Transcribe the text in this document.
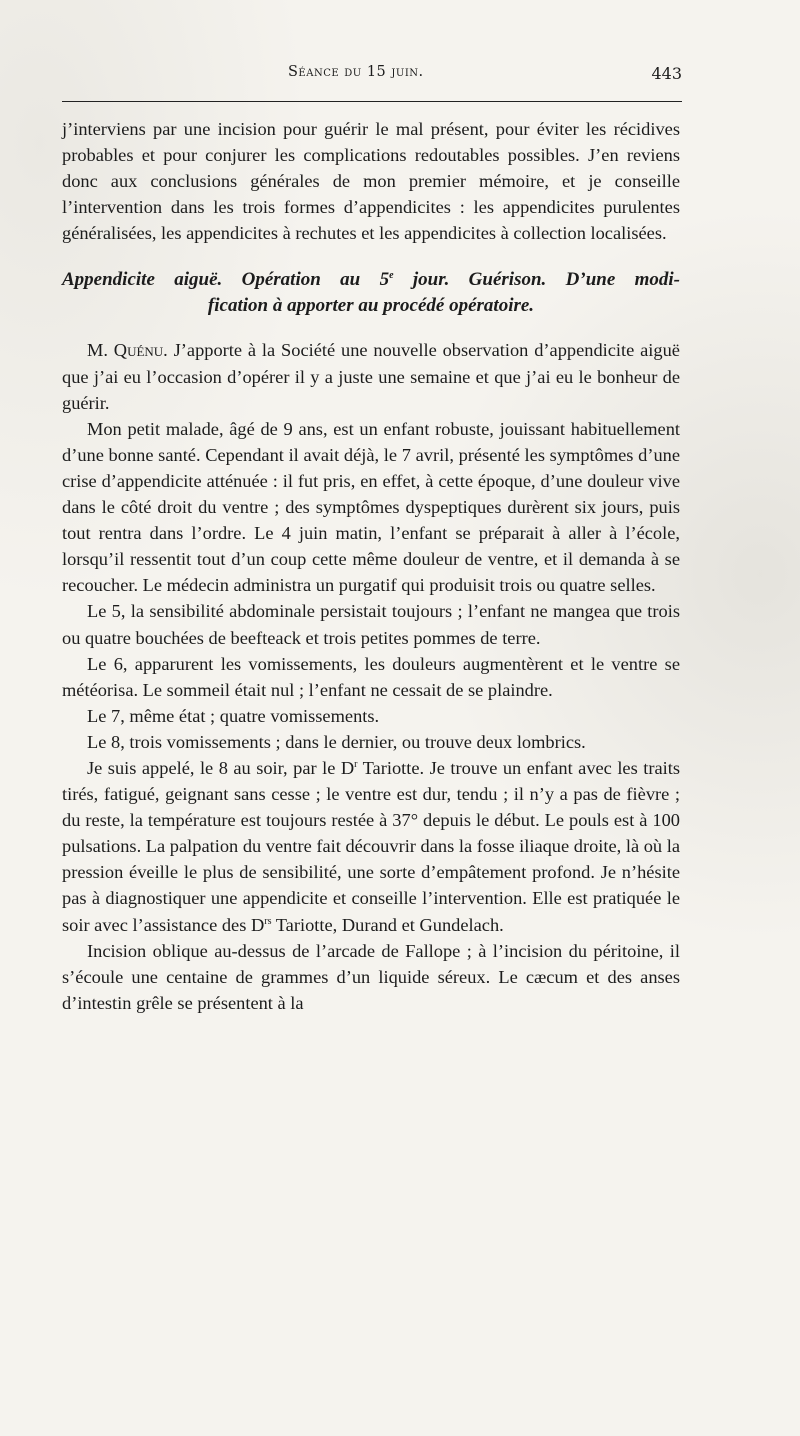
Séance du 15 juin.	443

j’interviens par une incision pour guérir le mal présent, pour éviter les récidives probables et pour conjurer les complications redoutables possibles. J’en reviens donc aux conclusions générales de mon premier mémoire, et je conseille l’intervention dans les trois formes d’appendicites : les appendicites purulentes généralisées, les appendicites à rechutes et les appendicites à collection localisées.

Appendicite aiguë. Opération au 5e jour. Guérison. D’une modi-
fication à apporter au procédé opératoire.

M. Quénu. J’apporte à la Société une nouvelle observation d’appendicite aiguë que j’ai eu l’occasion d’opérer il y a juste une semaine et que j’ai eu le bonheur de guérir.

Mon petit malade, âgé de 9 ans, est un enfant robuste, jouissant habituellement d’une bonne santé. Cependant il avait déjà, le 7 avril, présenté les symptômes d’une crise d’appendicite atténuée : il fut pris, en effet, à cette époque, d’une douleur vive dans le côté droit du ventre ; des symptômes dyspeptiques durèrent six jours, puis tout rentra dans l’ordre. Le 4 juin matin, l’enfant se préparait à aller à l’école, lorsqu’il ressentit tout d’un coup cette même douleur de ventre, et il demanda à se recoucher. Le médecin administra un purgatif qui produisit trois ou quatre selles.

Le 5, la sensibilité abdominale persistait toujours ; l’enfant ne mangea que trois ou quatre bouchées de beefteack et trois petites pommes de terre.

Le 6, apparurent les vomissements, les douleurs augmentèrent et le ventre se météorisa. Le sommeil était nul ; l’enfant ne cessait de se plaindre.

Le 7, même état ; quatre vomissements.

Le 8, trois vomissements ; dans le dernier, ou trouve deux lombrics.

Je suis appelé, le 8 au soir, par le $D^r$ Tariotte. Je trouve un enfant avec les traits tirés, fatigué, geignant sans cesse ; le ventre est dur, tendu ; il n’y a pas de fièvre ; du reste, la température est toujours restée à 37° depuis le début. Le pouls est à 100 pulsations. La palpation du ventre fait découvrir dans la fosse iliaque droite, là où la pression éveille le plus de sensibilité, une sorte d’empâtement profond. Je n’hésite pas à diagnostiquer une appendicite et conseille l’intervention. Elle est pratiquée le soir avec l’assistance des $D^{rs}$ Tariotte, Durand et Gundelach.

Incision oblique au-dessus de l’arcade de Fallope ; à l’incision du péritoine, il s’écoule une centaine de grammes d’un liquide séreux. Le cæcum et des anses d’intestin grêle se présentent à la
